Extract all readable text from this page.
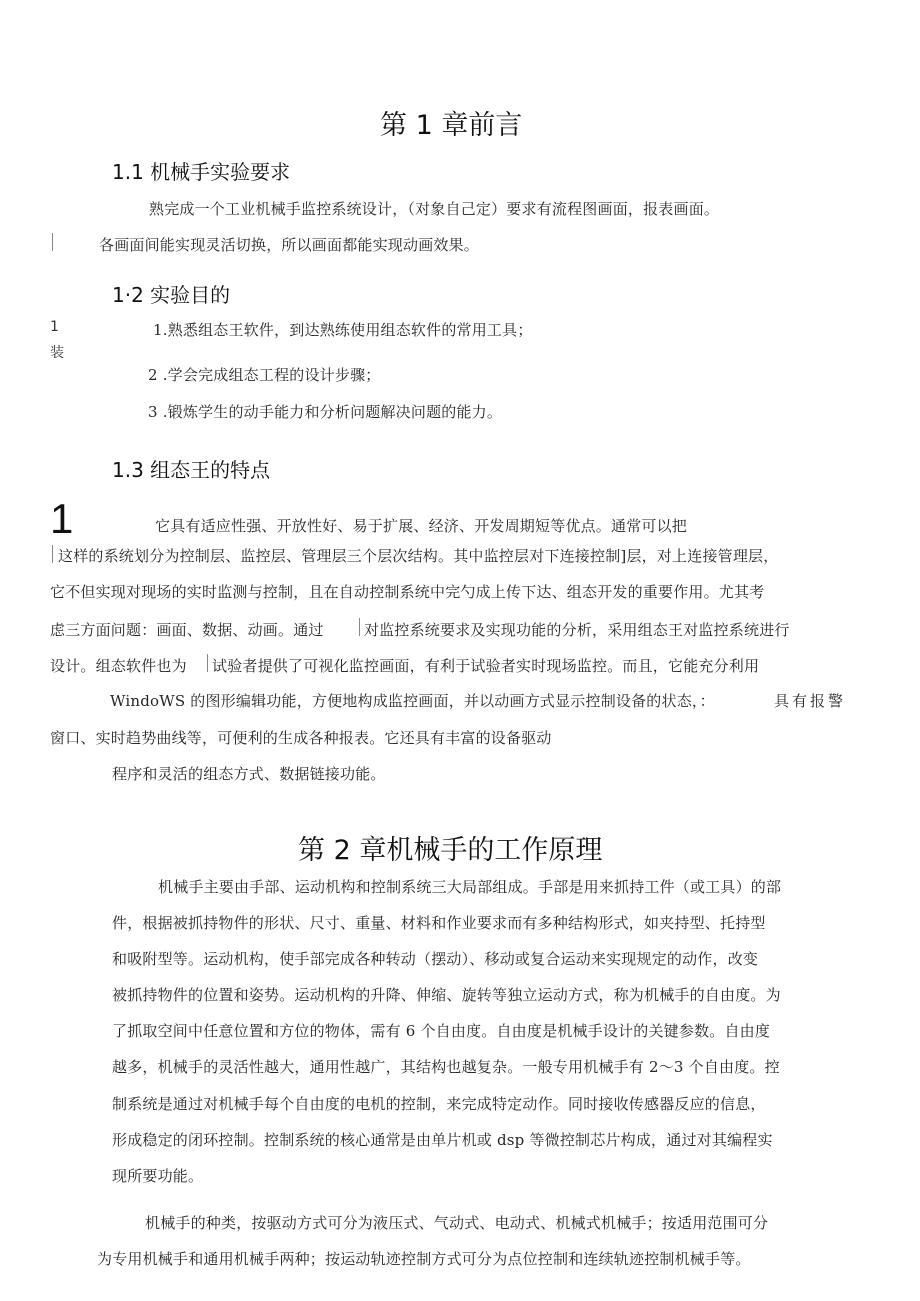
第 1 章前言
1.1 机械手实验要求
熟完成一个工业机械手监控系统设计，（对象自己定）要求有流程图画面，报表画面。
各画面间能实现灵活切换，所以画面都能实现动画效果。
1·2 实验目的
1
装
1.熟悉组态王软件，到达熟练使用组态软件的常用工具；
2 .学会完成组态工程的设计步骤；
3 .锻炼学生的动手能力和分析问题解决问题的能力。
1.3 组态王的特点
1	它具有适应性强、开放性好、易于扩展、经济、开发周期短等优点。通常可以把
这样的系统划分为控制层、监控层、管理层三个层次结构。其中监控层对下连接控制]层，对上连接管理层，
它不但实现对现场的实时监测与控制，且在自动控制系统中完勺成上传下达、组态开发的重要作用。尤其考
虑三方面问题：画面、数据、动画。通过	对监控系统要求及实现功能的分析，采用组态王对监控系统进行
设计。组态软件也为 试验者提供了可视化监控画面，有利于试验者实时现场监控。而且，它能充分利用
WindoWS 的图形编辑功能，方便地构成监控画面，并以动画方式显示控制设备的状态，：	具有报警
窗口、实时趋势曲线等，可便利的生成各种报表。它还具有丰富的设备驱动
程序和灵活的组态方式、数据链接功能。
第 2 章机械手的工作原理
机械手主要由手部、运动机构和控制系统三大局部组成。手部是用来抓持工件（或工具）的部
件，根据被抓持物件的形状、尺寸、重量、材料和作业要求而有多种结构形式，如夹持型、托持型
和吸附型等。运动机构，使手部完成各种转动（摆动）、移动或复合运动来实现规定的动作，改变
被抓持物件的位置和姿势。运动机构的升降、伸缩、旋转等独立运动方式，称为机械手的自由度。为
了抓取空间中任意位置和方位的物体，需有 6 个自由度。自由度是机械手设计的关键参数。自由度
越多，机械手的灵活性越大，通用性越广，其结构也越复杂。一般专用机械手有 2～3 个自由度。控
制系统是通过对机械手每个自由度的电机的控制，来完成特定动作。同时接收传感器反应的信息，
形成稳定的闭环控制。控制系统的核心通常是由单片机或 dsp 等微控制芯片构成，通过对其编程实
现所要功能。
机械手的种类，按驱动方式可分为液压式、气动式、电动式、机械式机械手；按适用范围可分
为专用机械手和通用机械手两种；按运动轨迹控制方式可分为点位控制和连续轨迹控制机械手等。
